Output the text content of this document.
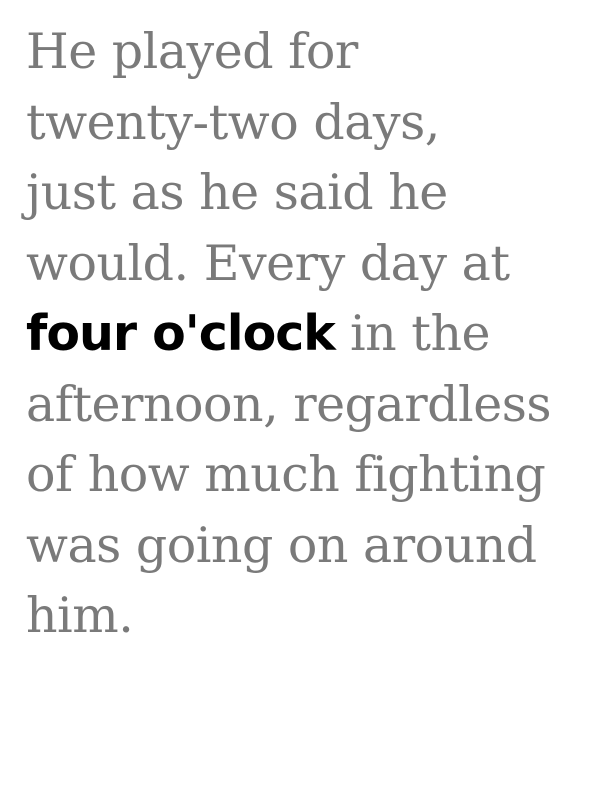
He played for
twenty-two days,
just as he said he
would. Every day at
four o'clock in the
afternoon, regardless
of how much fighting
was going on around
him.
